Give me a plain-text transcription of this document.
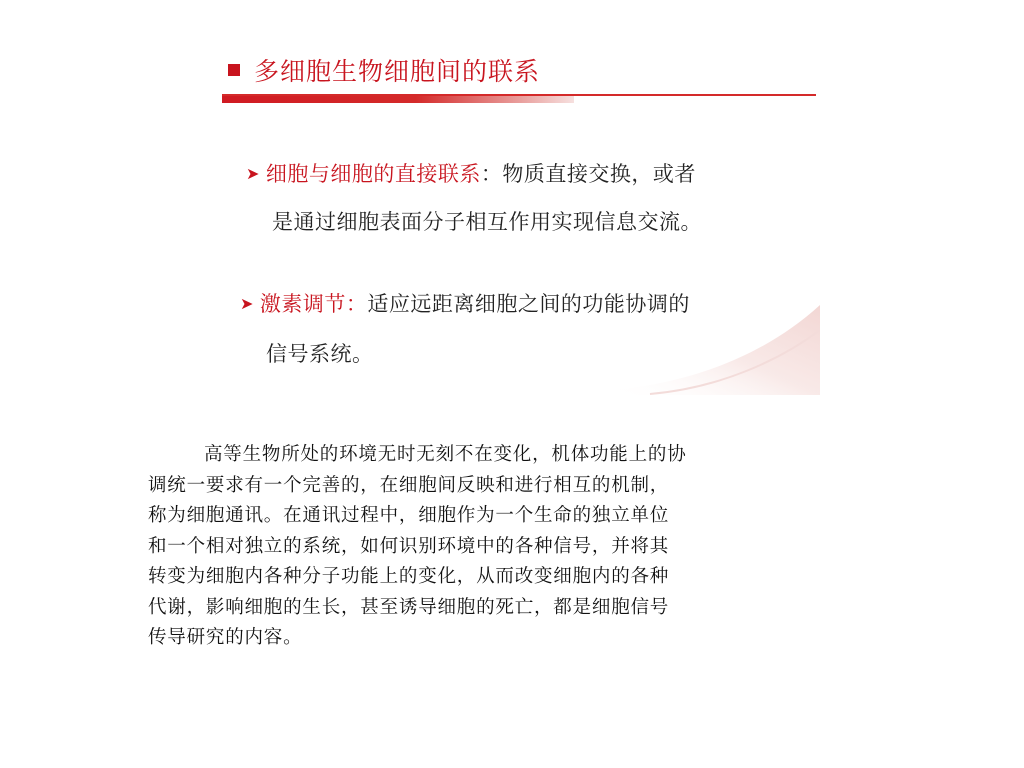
多细胞生物细胞间的联系
➤ 细胞与细胞的直接联系：物质直接交换，或者
是通过细胞表面分子相互作用实现信息交流。
➤ 激素调节：适应远距离细胞之间的功能协调的
信号系统。
高等生物所处的环境无时无刻不在变化，机体功能上的协
调统一要求有一个完善的，在细胞间反映和进行相互的机制，
称为细胞通讯。在通讯过程中，细胞作为一个生命的独立单位
和一个相对独立的系统，如何识别环境中的各种信号，并将其
转变为细胞内各种分子功能上的变化，从而改变细胞内的各种
代谢，影响细胞的生长，甚至诱导细胞的死亡，都是细胞信号
传导研究的内容。
